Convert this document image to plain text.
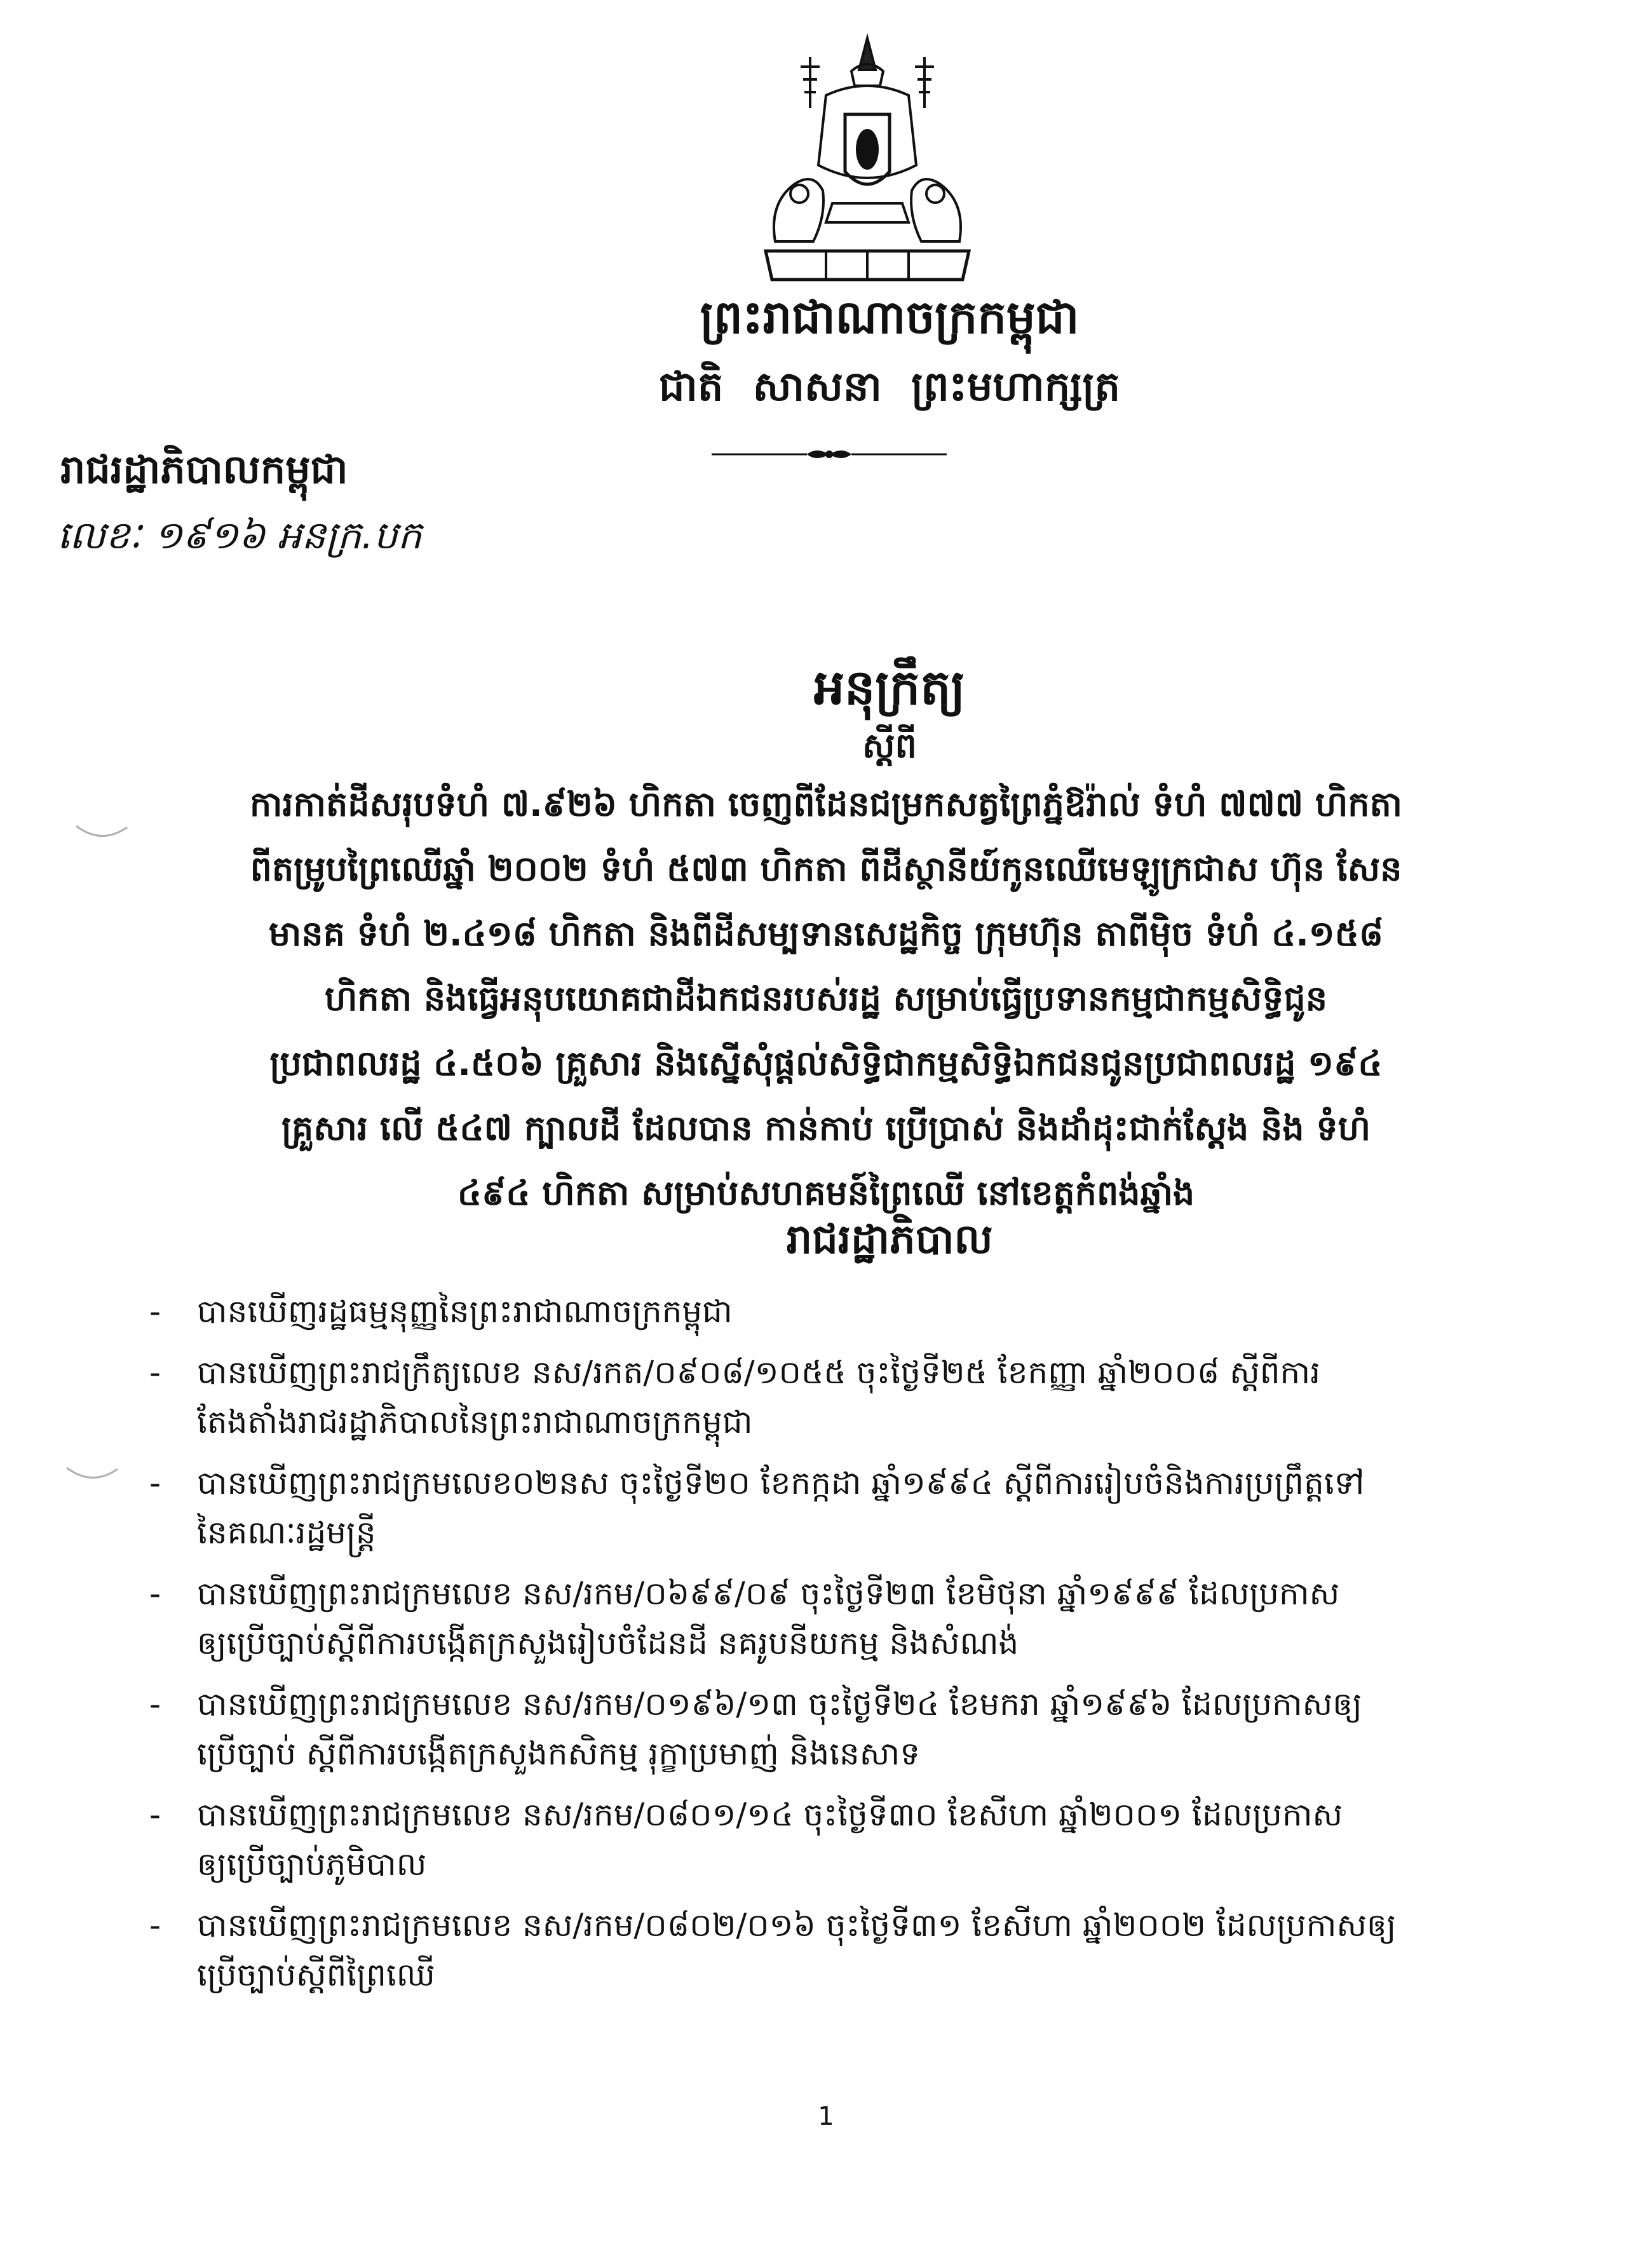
ព្រះរាជាណាចក្រកម្ពុជា
ជាតិ សាសនា ព្រះមហាក្សត្រ
រាជរដ្ឋាភិបាលកម្ពុជា
លេខៈ ១៩១៦ អនក្រ.បក
អនុក្រឹត្យ
ស្តីពី
ការកាត់ដីសរុបទំហំ ៧.៩២៦ ហិកតា ចេញពីដែនជម្រកសត្វព្រៃភ្នំឱរ៉ាល់ ទំហំ ៧៧៧ ហិកតា
ពីតម្រូបព្រៃឈើឆ្នាំ ២០០២ ទំហំ ៥៧៣ ហិកតា ពីដីស្ថានីយ៍កូនឈើមេឡូក្រជាស ហ៊ុន សែន
មានគ ទំហំ ២.៤១៨ ហិកតា និងពីដីសម្បទានសេដ្ឋកិច្ច ក្រុមហ៊ុន តាពីម៉ិច ទំហំ ៤.១៥៨
ហិកតា និងធ្វើអនុបយោគជាដីឯកជនរបស់រដ្ឋ សម្រាប់ធ្វើប្រទានកម្មជាកម្មសិទ្ធិជូន
ប្រជាពលរដ្ឋ ៤.៥០៦ គ្រួសារ និងស្នើសុំផ្តល់សិទ្ធិជាកម្មសិទ្ធិឯកជនជូនប្រជាពលរដ្ឋ ១៩៤
គ្រួសារ លើ ៥៤៧ ក្បាលដី ដែលបាន កាន់កាប់ ប្រើប្រាស់ និងដាំដុះជាក់ស្តែង និង ទំហំ
៤៩៤ ហិកតា សម្រាប់សហគមន៍ព្រៃឈើ នៅខេត្តកំពង់ឆ្នាំង
រាជរដ្ឋាភិបាល
- បានឃើញរដ្ឋធម្មនុញ្ញនៃព្រះរាជាណាចក្រកម្ពុជា
- បានឃើញព្រះរាជក្រឹត្យលេខ នស/រកត/០៩០៨/១០៥៥ ចុះថ្ងៃទី២៥ ខែកញ្ញា ឆ្នាំ២០០៨ ស្តីពីការ
តែងតាំងរាជរដ្ឋាភិបាលនៃព្រះរាជាណាចក្រកម្ពុជា
- បានឃើញព្រះរាជក្រមលេខ០២នស ចុះថ្ងៃទី២០ ខែកក្កដា ឆ្នាំ១៩៩៤ ស្តីពីការរៀបចំនិងការប្រព្រឹត្តទៅ
នៃគណៈរដ្ឋមន្ត្រី
- បានឃើញព្រះរាជក្រមលេខ នស/រកម/០៦៩៩/០៩ ចុះថ្ងៃទី២៣ ខែមិថុនា ឆ្នាំ១៩៩៩ ដែលប្រកាស
ឲ្យប្រើច្បាប់ស្តីពីការបង្កើតក្រសួងរៀបចំដែនដី នគរូបនីយកម្ម និងសំណង់
- បានឃើញព្រះរាជក្រមលេខ នស/រកម/០១៩៦/១៣ ចុះថ្ងៃទី២៤ ខែមករា ឆ្នាំ១៩៩៦ ដែលប្រកាសឲ្យ
ប្រើច្បាប់ ស្តីពីការបង្កើតក្រសួងកសិកម្ម រុក្ខាប្រមាញ់ និងនេសាទ
- បានឃើញព្រះរាជក្រមលេខ នស/រកម/០៨០១/១៤ ចុះថ្ងៃទី៣០ ខែសីហា ឆ្នាំ២០០១ ដែលប្រកាស
ឲ្យប្រើច្បាប់ភូមិបាល
- បានឃើញព្រះរាជក្រមលេខ នស/រកម/០៨០២/០១៦ ចុះថ្ងៃទី៣១ ខែសីហា ឆ្នាំ២០០២ ដែលប្រកាសឲ្យ
ប្រើច្បាប់ស្តីពីព្រៃឈើ
1
